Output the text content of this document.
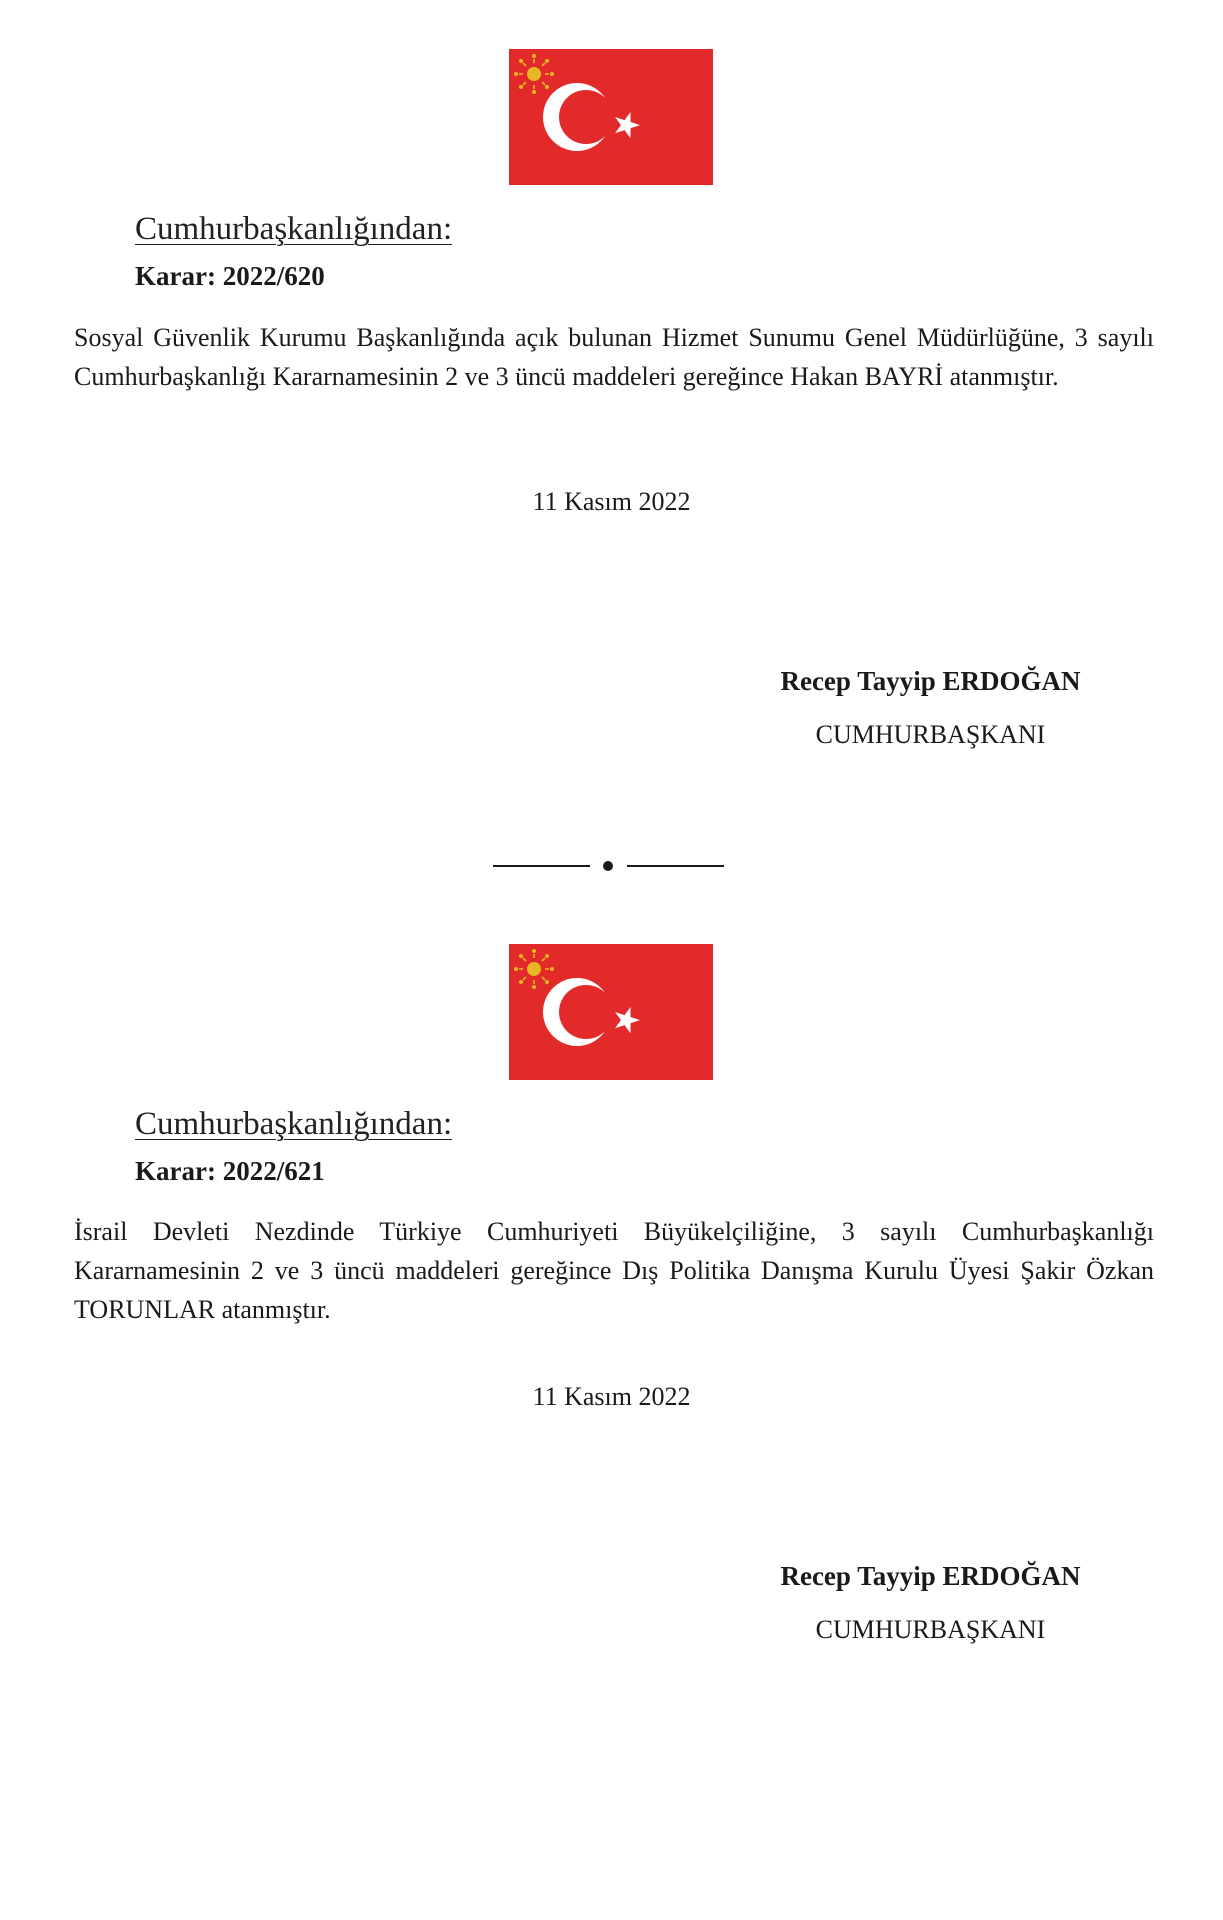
Cumhurbaşkanlığından:
Karar: 2022/620

Sosyal Güvenlik Kurumu Başkanlığında açık bulunan Hizmet Sunumu Genel Müdürlüğüne, 3 sayılı Cumhurbaşkanlığı Kararnamesinin 2 ve 3 üncü maddeleri gereğince Hakan BAYRİ atanmıştır.

11 Kasım 2022
Recep Tayyip ERDOĞAN
CUMHURBAŞKANI
Cumhurbaşkanlığından:
Karar: 2022/621

İsrail Devleti Nezdinde Türkiye Cumhuriyeti Büyükelçiliğine, 3 sayılı Cumhurbaşkanlığı Kararnamesinin 2 ve 3 üncü maddeleri gereğince Dış Politika Danışma Kurulu Üyesi Şakir Özkan TORUNLAR atanmıştır.

11 Kasım 2022
Recep Tayyip ERDOĞAN
CUMHURBAŞKANI
